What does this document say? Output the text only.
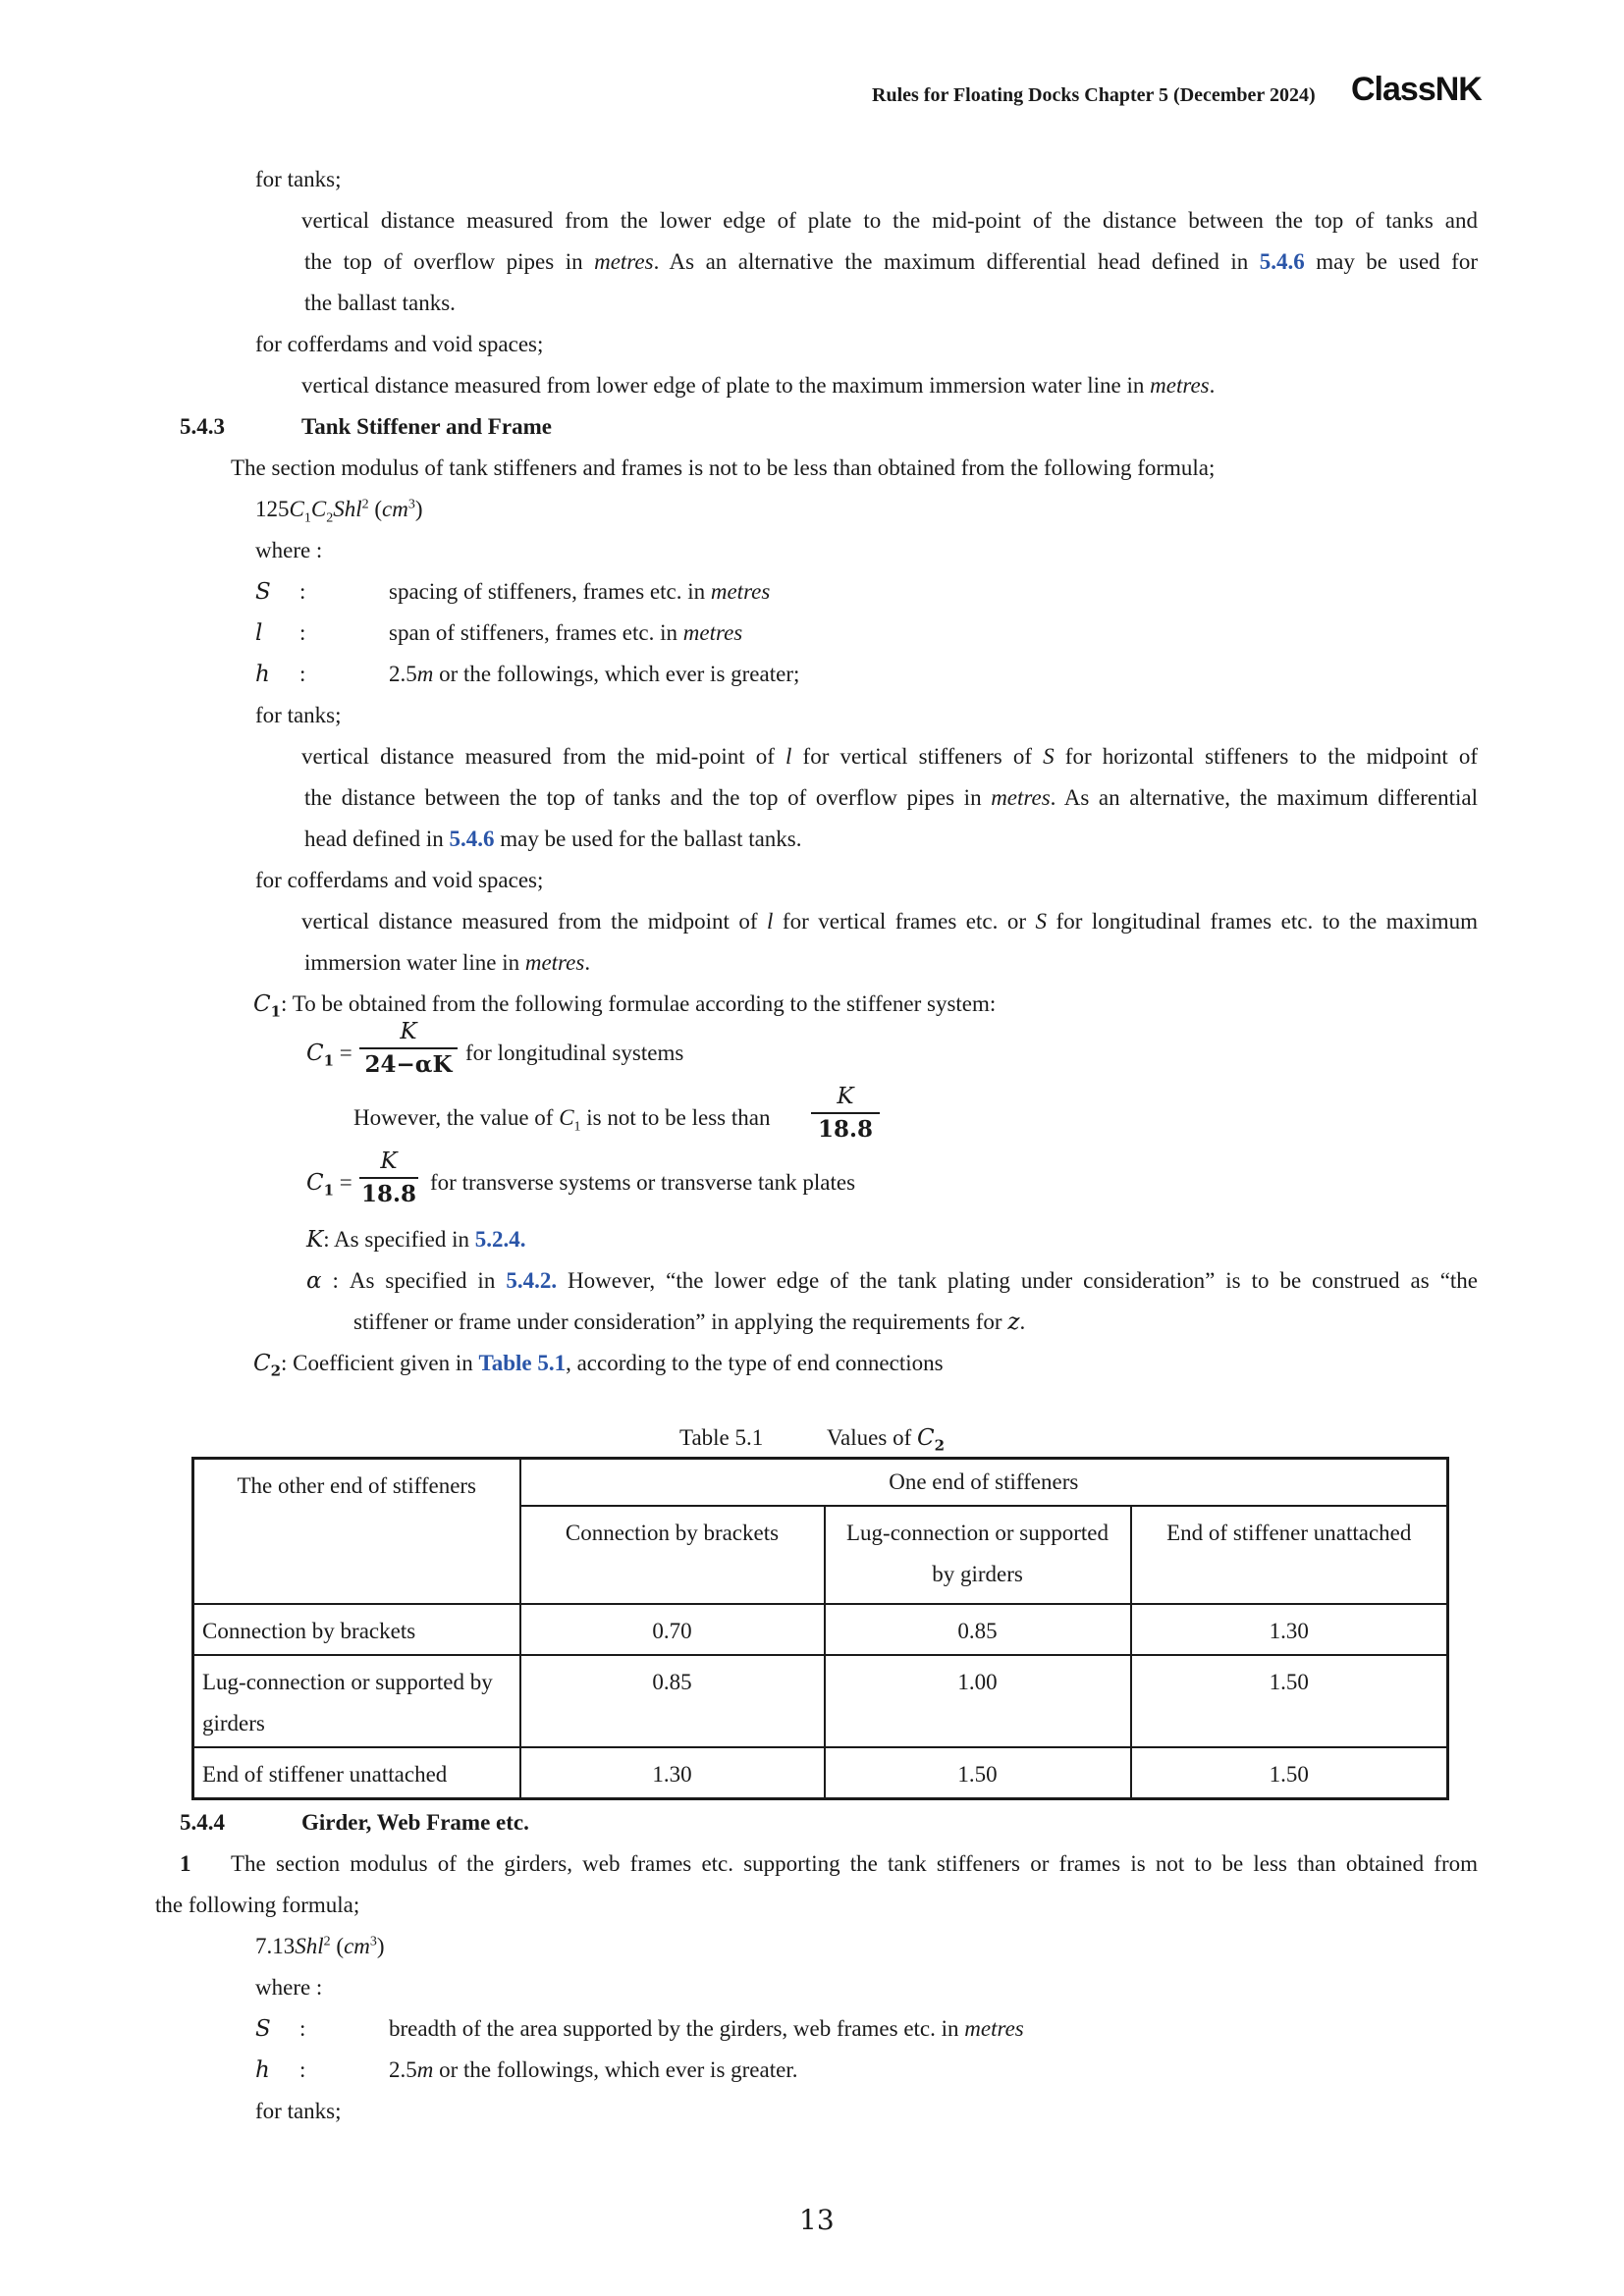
Rules for Floating Docks Chapter 5 (December 2024) ClassNK
for tanks;
vertical distance measured from the lower edge of plate to the mid-point of the distance between the top of tanks and
the top of overflow pipes in metres. As an alternative the maximum differential head defined in 5.4.6 may be used for
the ballast tanks.
for cofferdams and void spaces;
vertical distance measured from lower edge of plate to the maximum immersion water line in metres.
5.4.3	Tank Stiffener and Frame
The section modulus of tank stiffeners and frames is not to be less than obtained from the following formula;
$125C_1C_2Shl^2$ $(cm^3)$
where :
S :	spacing of stiffeners, frames etc. in metres
l :	span of stiffeners, frames etc. in metres
h :	2.5m or the followings, which ever is greater;
for tanks;
vertical distance measured from the mid-point of l for vertical stiffeners of S for horizontal stiffeners to the midpoint of
the distance between the top of tanks and the top of overflow pipes in metres. As an alternative, the maximum differential
head defined in 5.4.6 may be used for the ballast tanks.
for cofferdams and void spaces;
vertical distance measured from the midpoint of l for vertical frames etc. or S for longitudinal frames etc. to the maximum
immersion water line in metres.
$C_1$: To be obtained from the following formulae according to the stiffener system:
$C_1$ =
K
24−αK for longitudinal systems
However, the value of $C_1$ is not to be less than
K
18.8
$C_1$ =
K
18.8 for transverse systems or transverse tank plates
K: As specified in 5.2.4.
α : As specified in 5.4.2. However, “the lower edge of the tank plating under consideration” is to be construed as “the
stiffener or frame under consideration” in applying the requirements for z.
$C_2$: Coefficient given in Table 5.1, according to the type of end connections
Table 5.1	Values of $C_2$
The other end of stiffeners	One end of stiffeners		
	Connection by brackets	Lug-connection or supported by girders	End of stiffener unattached
Connection by brackets	0.70	0.85	1.30
Lug-connection or supported by girders	0.85	1.00	1.50
End of stiffener unattached	1.30	1.50	1.50
5.4.4	Girder, Web Frame etc.
1 The section modulus of the girders, web frames etc. supporting the tank stiffeners or frames is not to be less than obtained from
the following formula;
7.13Shl$^2$ $(cm^3)$
where :
S :	breadth of the area supported by the girders, web frames etc. in metres
h :	2.5m or the followings, which ever is greater.
for tanks;
13
